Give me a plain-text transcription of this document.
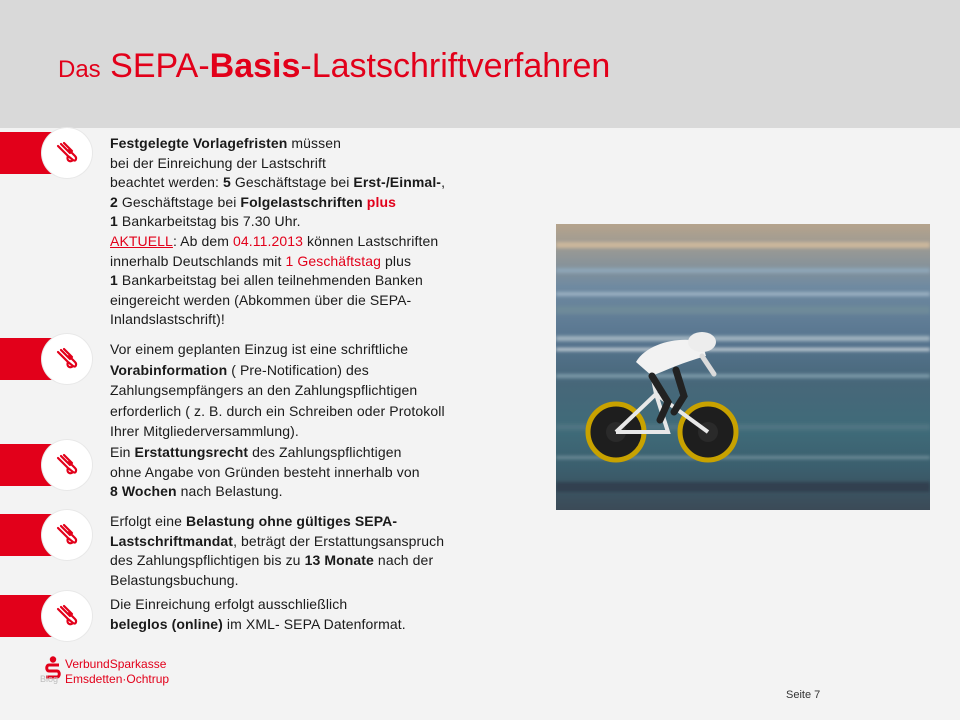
Das SEPA-Basis-Lastschriftverfahren

Festgelegte Vorlagefristen müssen
bei der Einreichung der Lastschrift
beachtet werden: 5 Geschäftstage bei Erst-/Einmal-,
2 Geschäftstage bei Folgelastschriften plus
1 Bankarbeitstag bis 7.30 Uhr.
AKTUELL: Ab dem 04.11.2013 können Lastschriften
innerhalb Deutschlands mit 1 Geschäftstag plus
1 Bankarbeitstag bei allen teilnehmenden Banken
eingereicht werden (Abkommen über die SEPA-
Inlandslastschrift)!

Vor einem geplanten Einzug ist eine schriftliche
Vorabinformation ( Pre-Notification) des
Zahlungsempfängers an den Zahlungspflichtigen
erforderlich ( z. B. durch ein Schreiben oder Protokoll
Ihrer Mitgliederversammlung).

Ein Erstattungsrecht des Zahlungspflichtigen
ohne Angabe von Gründen besteht innerhalb von
8 Wochen nach Belastung.

Erfolgt eine Belastung ohne gültiges SEPA-
Lastschriftmandat, beträgt der Erstattungsanspruch
des Zahlungspflichtigen bis zu 13 Monate nach der
Belastungsbuchung.

Die Einreichung erfolgt ausschließlich
beleglos (online) im XML- SEPA Datenformat.

VerbundSparkasse
Emsdetten·Ochtrup
Blog
Seite 7
